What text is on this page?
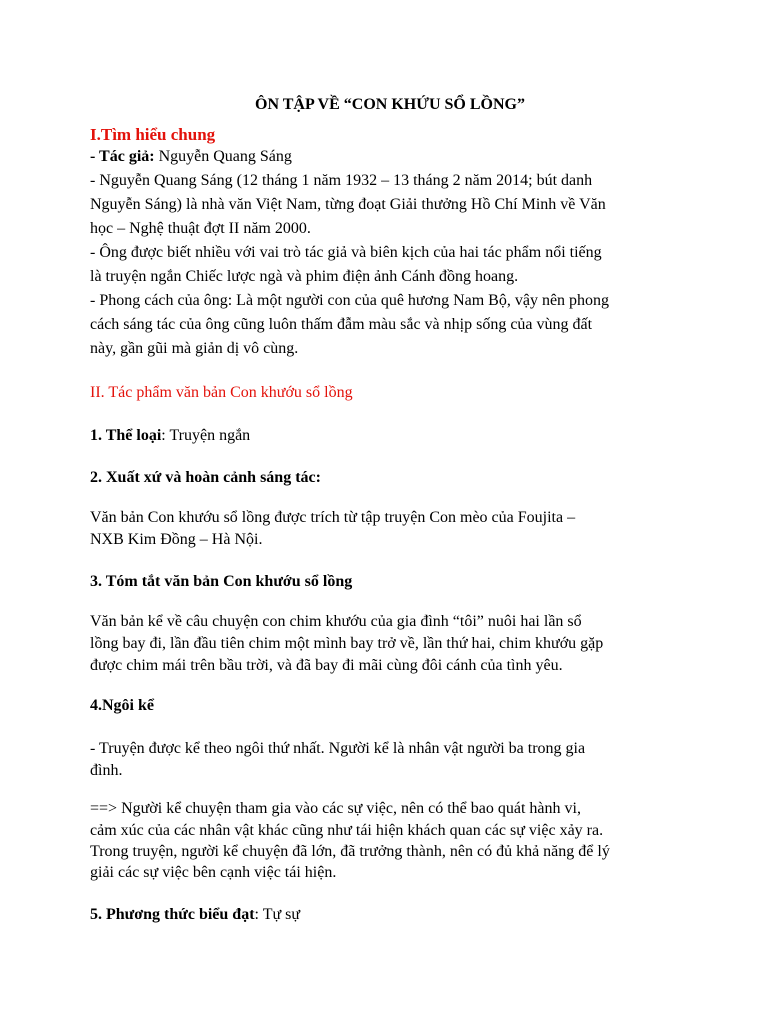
ÔN TẬP VỀ “CON KHỨU SỔ LỒNG”
I.Tìm hiểu chung
- Tác giả: Nguyễn Quang Sáng
- Nguyễn Quang Sáng (12 tháng 1 năm 1932 – 13 tháng 2 năm 2014; bút danh
Nguyễn Sáng) là nhà văn Việt Nam, từng đoạt Giải thưởng Hồ Chí Minh về Văn
học – Nghệ thuật đợt II năm 2000.
- Ông được biết nhiều với vai trò tác giả và biên kịch của hai tác phẩm nổi tiếng
là truyện ngắn Chiếc lược ngà và phim điện ảnh Cánh đồng hoang.
- Phong cách của ông: Là một người con của quê hương Nam Bộ, vậy nên phong
cách sáng tác của ông cũng luôn thấm đẫm màu sắc và nhịp sống của vùng đất
này, gần gũi mà giản dị vô cùng.
II. Tác phẩm văn bản Con khướu sổ lồng
1. Thể loại: Truyện ngắn
2. Xuất xứ và hoàn cảnh sáng tác:
Văn bản Con khướu sổ lồng được trích từ tập truyện Con mèo của Foujita –
NXB Kim Đồng – Hà Nội.
3. Tóm tắt văn bản Con khướu sổ lồng
Văn bản kể về câu chuyện con chim khướu của gia đình “tôi” nuôi hai lần sổ
lồng bay đi, lần đầu tiên chim một mình bay trở về, lần thứ hai, chim khướu gặp
được chim mái trên bầu trời, và đã bay đi mãi cùng đôi cánh của tình yêu.
4.Ngôi kể
- Truyện được kể theo ngôi thứ nhất. Người kể là nhân vật người ba trong gia
đình.
==> Người kể chuyện tham gia vào các sự việc, nên có thể bao quát hành vi,
cảm xúc của các nhân vật khác cũng như tái hiện khách quan các sự việc xảy ra.
Trong truyện, người kể chuyện đã lớn, đã trưởng thành, nên có đủ khả năng để lý
giải các sự việc bên cạnh việc tái hiện.
5. Phương thức biểu đạt: Tự sự
